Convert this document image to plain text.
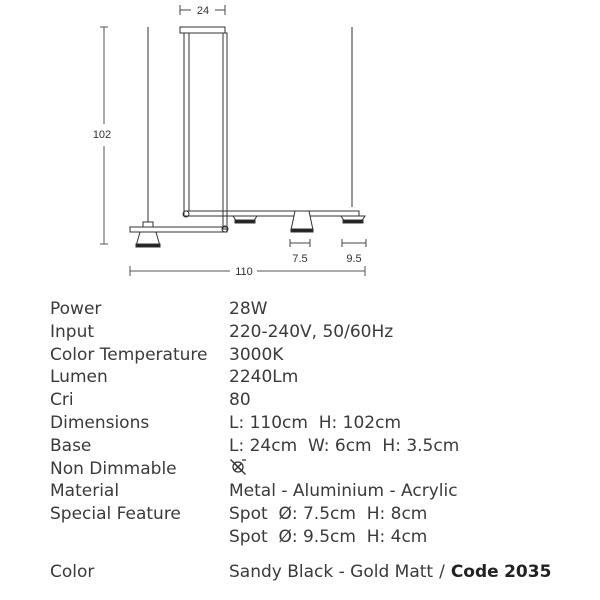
24
102
7.5	9.5
110
Power	28W
Input	220-240V, 50/60Hz
Color Temperature 3000K
Lumen	2240Lm
Cri	80
Dimensions	L: 110cm  H: 102cm
Base	L: 24cm  W: 6cm  H: 3.5cm
Non Dimmable
Material	Metal - Aluminium - Acrylic
Special Feature	Spot  Ø: 7.5cm  H: 8cm
Spot  Ø: 9.5cm  H: 4cm
Color	Sandy Black - Gold Matt / Code 2035
